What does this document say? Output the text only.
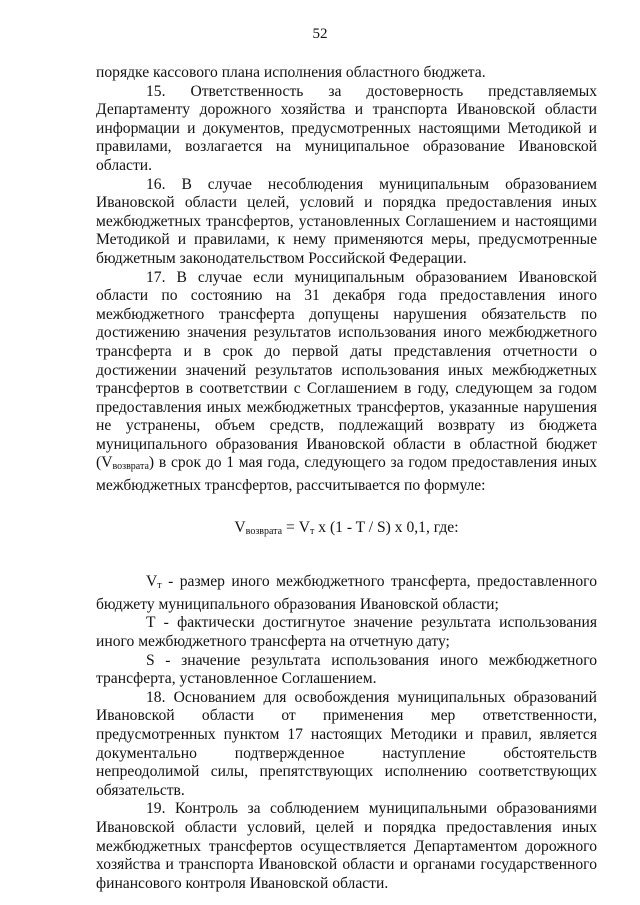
52

порядке кассового плана исполнения областного бюджета.

15. Ответственность за достоверность представляемых Департаменту дорожного хозяйства и транспорта Ивановской области информации и документов, предусмотренных настоящими Методикой и правилами, возлагается на муниципальное образование Ивановской области.

16. В случае несоблюдения муниципальным образованием Ивановской области целей, условий и порядка предоставления иных межбюджетных трансфертов, установленных Соглашением и настоящими Методикой и правилами, к нему применяются меры, предусмотренные бюджетным законодательством Российской Федерации.

17. В случае если муниципальным образованием Ивановской области по состоянию на 31 декабря года предоставления иного межбюджетного трансферта допущены нарушения обязательств по достижению значения результатов использования иного межбюджетного трансферта и в срок до первой даты представления отчетности о достижении значений результатов использования иных межбюджетных трансфертов в соответствии с Соглашением в году, следующем за годом предоставления иных межбюджетных трансфертов, указанные нарушения не устранены, объем средств, подлежащий возврату из бюджета муниципального образования Ивановской области в областной бюджет $(V_{возврата})$ в срок до 1 мая года, следующего за годом предоставления иных межбюджетных трансфертов, рассчитывается по формуле:

$V_{возврата} = V_т$ x (1 - T / S) x 0,1, где:

$V_т$ - размер иного межбюджетного трансферта, предоставленного бюджету муниципального образования Ивановской области;

T - фактически достигнутое значение результата использования иного межбюджетного трансферта на отчетную дату;

S - значение результата использования иного межбюджетного трансферта, установленное Соглашением.

18. Основанием для освобождения муниципальных образований Ивановской области от применения мер ответственности, предусмотренных пунктом 17 настоящих Методики и правил, является документально подтвержденное наступление обстоятельств непреодолимой силы, препятствующих исполнению соответствующих обязательств.

19. Контроль за соблюдением муниципальными образованиями Ивановской области условий, целей и порядка предоставления иных межбюджетных трансфертов осуществляется Департаментом дорожного хозяйства и транспорта Ивановской области и органами государственного финансового контроля Ивановской области.
